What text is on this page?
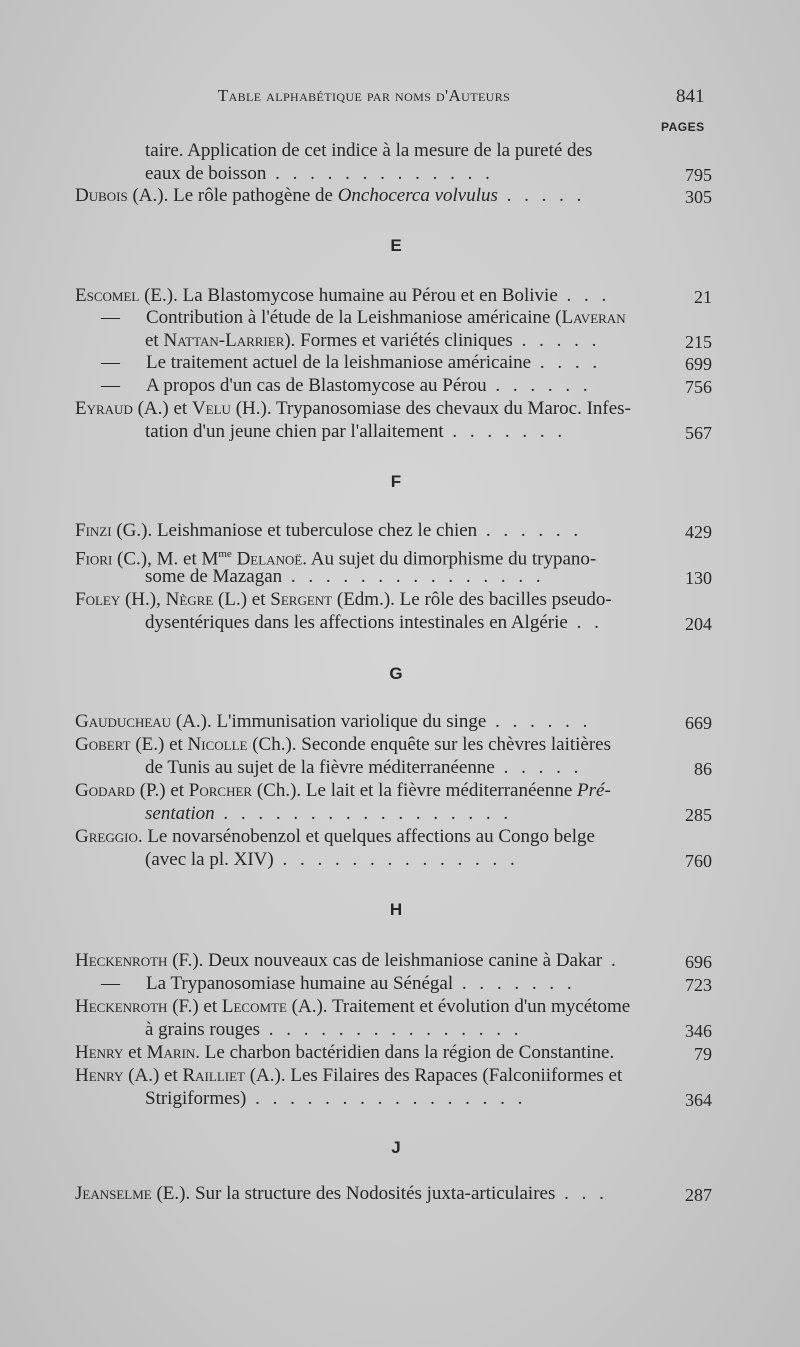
Table alphabétique par noms d'Auteurs	841
PAGES
taire. Application de cet indice à la mesure de la pureté des
eaux de boisson . . . . . . . . . . . . .	795
Dubois (A.). Le rôle pathogène de Onchocerca volvulus . . . . .	305
E
Escomel (E.). La Blastomycose humaine au Pérou et en Bolivie . . .	21
— Contribution à l'étude de la Leishmaniose américaine (Laveran
et Nattan-Larrier). Formes et variétés cliniques . . . . .	215
— Le traitement actuel de la leishmaniose américaine . . . .	699
— A propos d'un cas de Blastomycose au Pérou . . . . . .	756
Eyraud (A.) et Velu (H.). Trypanosomiase des chevaux du Maroc. Infes-
tation d'un jeune chien par l'allaitement . . . . . . .	567
F
Finzi (G.). Leishmaniose et tuberculose chez le chien . . . . . .	429
Fiori (C.), M. et $M^{me}$ Delanoë. Au sujet du dimorphisme du trypano-
some de Mazagan . . . . . . . . . . . . . . .	130
Foley (H.), Nègre (L.) et Sergent (Edm.). Le rôle des bacilles pseudo-
dysentériques dans les affections intestinales en Algérie . .	204
G
Gauducheau (A.). L'immunisation variolique du singe . . . . . .	669
Gobert (E.) et Nicolle (Ch.). Seconde enquête sur les chèvres laitières
de Tunis au sujet de la fièvre méditerranéenne . . . . .	86
Godard (P.) et Porcher (Ch.). Le lait et la fièvre méditerranéenne Pré-
sentation . . . . . . . . . . . . . . . . .	285
Greggio. Le novarsénobenzol et quelques affections au Congo belge
(avec la pl. XIV) . . . . . . . . . . . . . .	760
H
Heckenroth (F.). Deux nouveaux cas de leishmaniose canine à Dakar .	696
— La Trypanosomiase humaine au Sénégal . . . . . . .	723
Heckenroth (F.) et Lecomte (A.). Traitement et évolution d'un mycétome
à grains rouges . . . . . . . . . . . . . . .	346
Henry et Marin. Le charbon bactéridien dans la région de Constantine.	79
Henry (A.) et Railliet (A.). Les Filaires des Rapaces (Falconiiformes et
Strigiformes) . . . . . . . . . . . . . . . .	364
J
Jeanselme (E.). Sur la structure des Nodosités juxta-articulaires . . .	287
